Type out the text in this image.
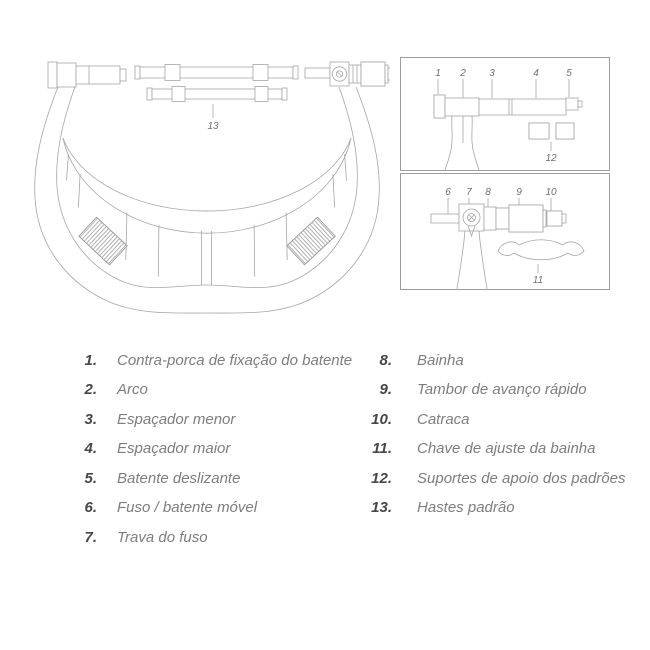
13
1 2 3	4	5
12
6 7 8	9 10
11
1. Contra-porca de fixação do batente
2. Arco
3. Espaçador menor
4. Espaçador maior
5. Batente deslizante
6. Fuso / batente móvel
7. Trava do fuso
8. Bainha
9. Tambor de avanço rápido
10. Catraca
11. Chave de ajuste da bainha
12. Suportes de apoio dos padrões
13. Hastes padrão
